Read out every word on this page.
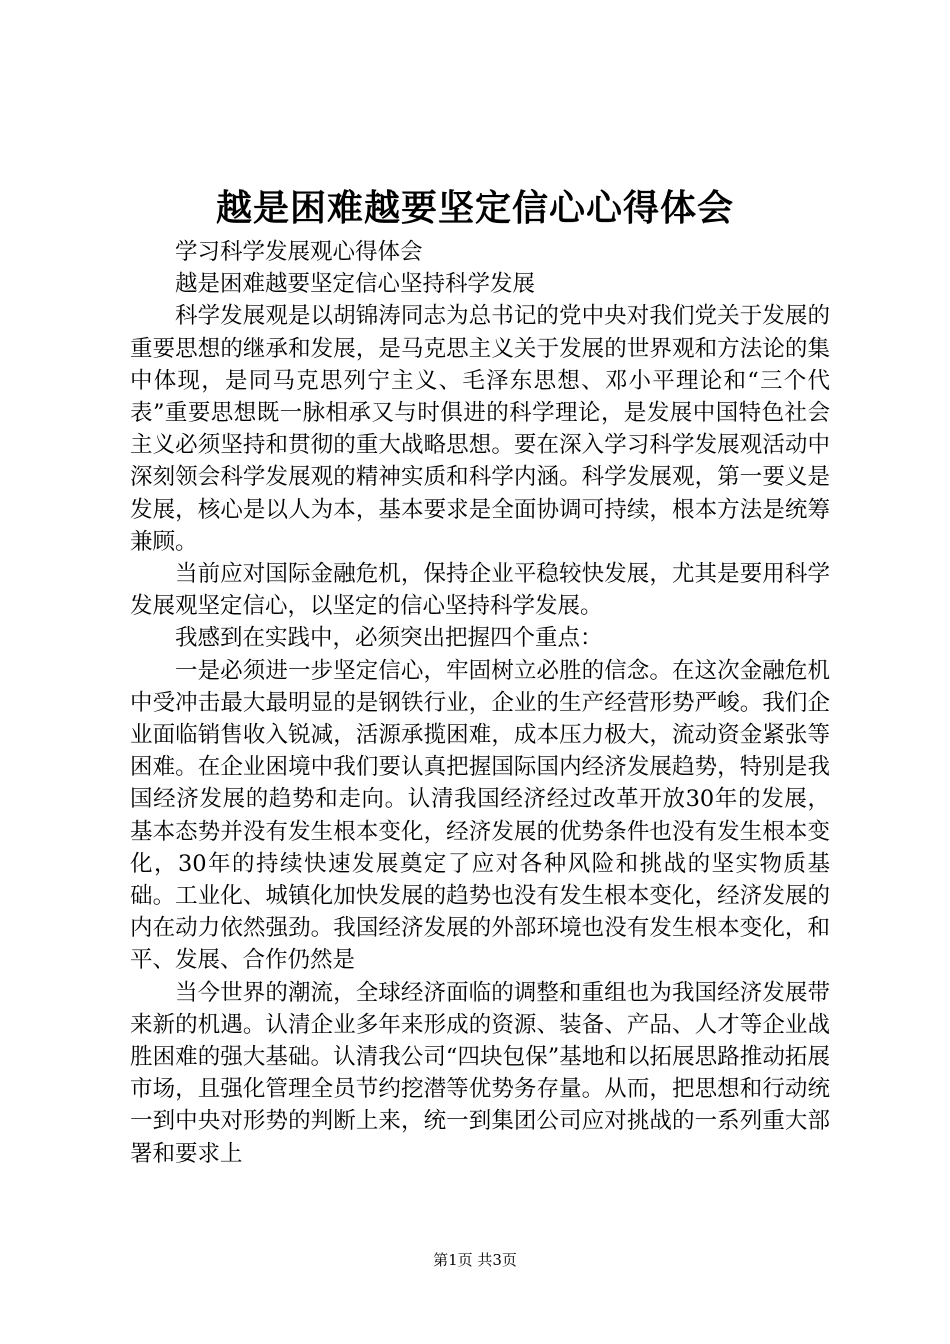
越是困难越要坚定信心心得体会

学习科学发展观心得体会

越是困难越要坚定信心坚持科学发展

科学发展观是以胡锦涛同志为总书记的党中央对我们党关于发展的重要思想的继承和发展，是马克思主义关于发展的世界观和方法论的集中体现，是同马克思列宁主义、毛泽东思想、邓小平理论和“三个代表”重要思想既一脉相承又与时俱进的科学理论，是发展中国特色社会主义必须坚持和贯彻的重大战略思想。要在深入学习科学发展观活动中深刻领会科学发展观的精神实质和科学内涵。科学发展观，第一要义是发展，核心是以人为本，基本要求是全面协调可持续，根本方法是统筹兼顾。

当前应对国际金融危机，保持企业平稳较快发展，尤其是要用科学发展观坚定信心，以坚定的信心坚持科学发展。

我感到在实践中，必须突出把握四个重点：

一是必须进一步坚定信心，牢固树立必胜的信念。在这次金融危机中受冲击最大最明显的是钢铁行业，企业的生产经营形势严峻。我们企业面临销售收入锐减，活源承揽困难，成本压力极大，流动资金紧张等困难。在企业困境中我们要认真把握国际国内经济发展趋势，特别是我国经济发展的趋势和走向。认清我国经济经过改革开放30年的发展，基本态势并没有发生根本变化，经济发展的优势条件也没有发生根本变化，30年的持续快速发展奠定了应对各种风险和挑战的坚实物质基础。工业化、城镇化加快发展的趋势也没有发生根本变化，经济发展的内在动力依然强劲。我国经济发展的外部环境也没有发生根本变化，和平、发展、合作仍然是

当今世界的潮流，全球经济面临的调整和重组也为我国经济发展带来新的机遇。认清企业多年来形成的资源、装备、产品、人才等企业战胜困难的强大基础。认清我公司“四块包保”基地和以拓展思路推动拓展市场，且强化管理全员节约挖潜等优势务存量。从而，把思想和行动统一到中央对形势的判断上来，统一到集团公司应对挑战的一系列重大部署和要求上

第1页 共3页
